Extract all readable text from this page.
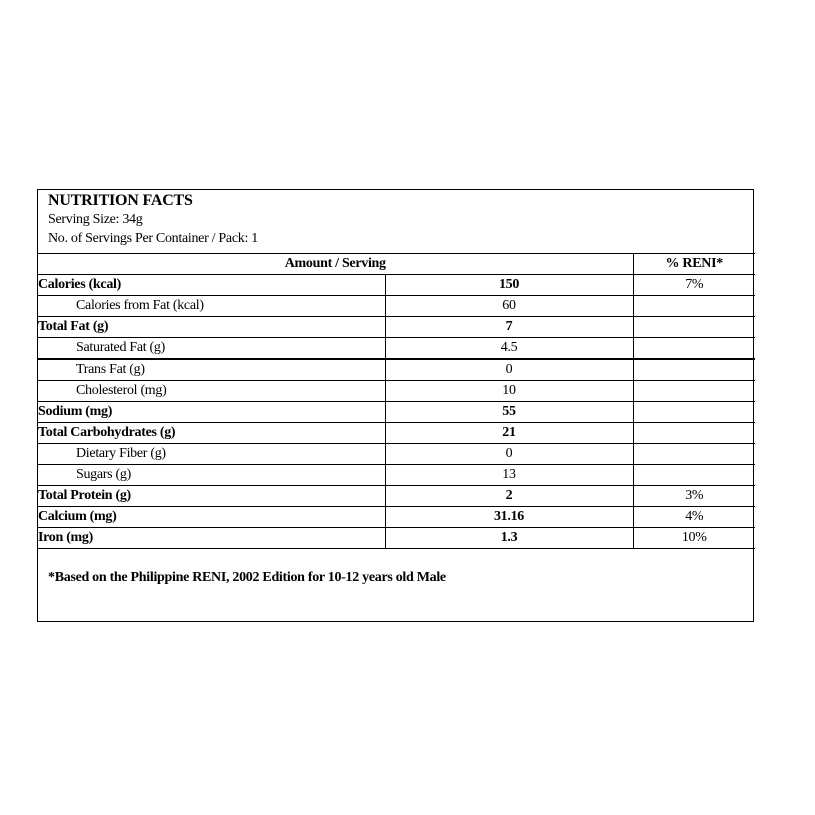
NUTRITION FACTS
Serving Size: 34g
No. of Servings Per Container / Pack: 1
Amount / Serving		% RENI*
Calories (kcal)	150	7%
Calories from Fat (kcal)	60	
Total Fat (g)	7	
Saturated Fat (g)	4.5	
Trans Fat (g)	0	
Cholesterol (mg)	10	
Sodium (mg)	55	
Total Carbohydrates (g)	21	
Dietary Fiber (g)	0	
Sugars (g)	13	
Total Protein (g)	2	3%
Calcium (mg)	31.16	4%
Iron (mg)	1.3	10%
*Based on the Philippine RENI, 2002 Edition for 10-12 years old Male
